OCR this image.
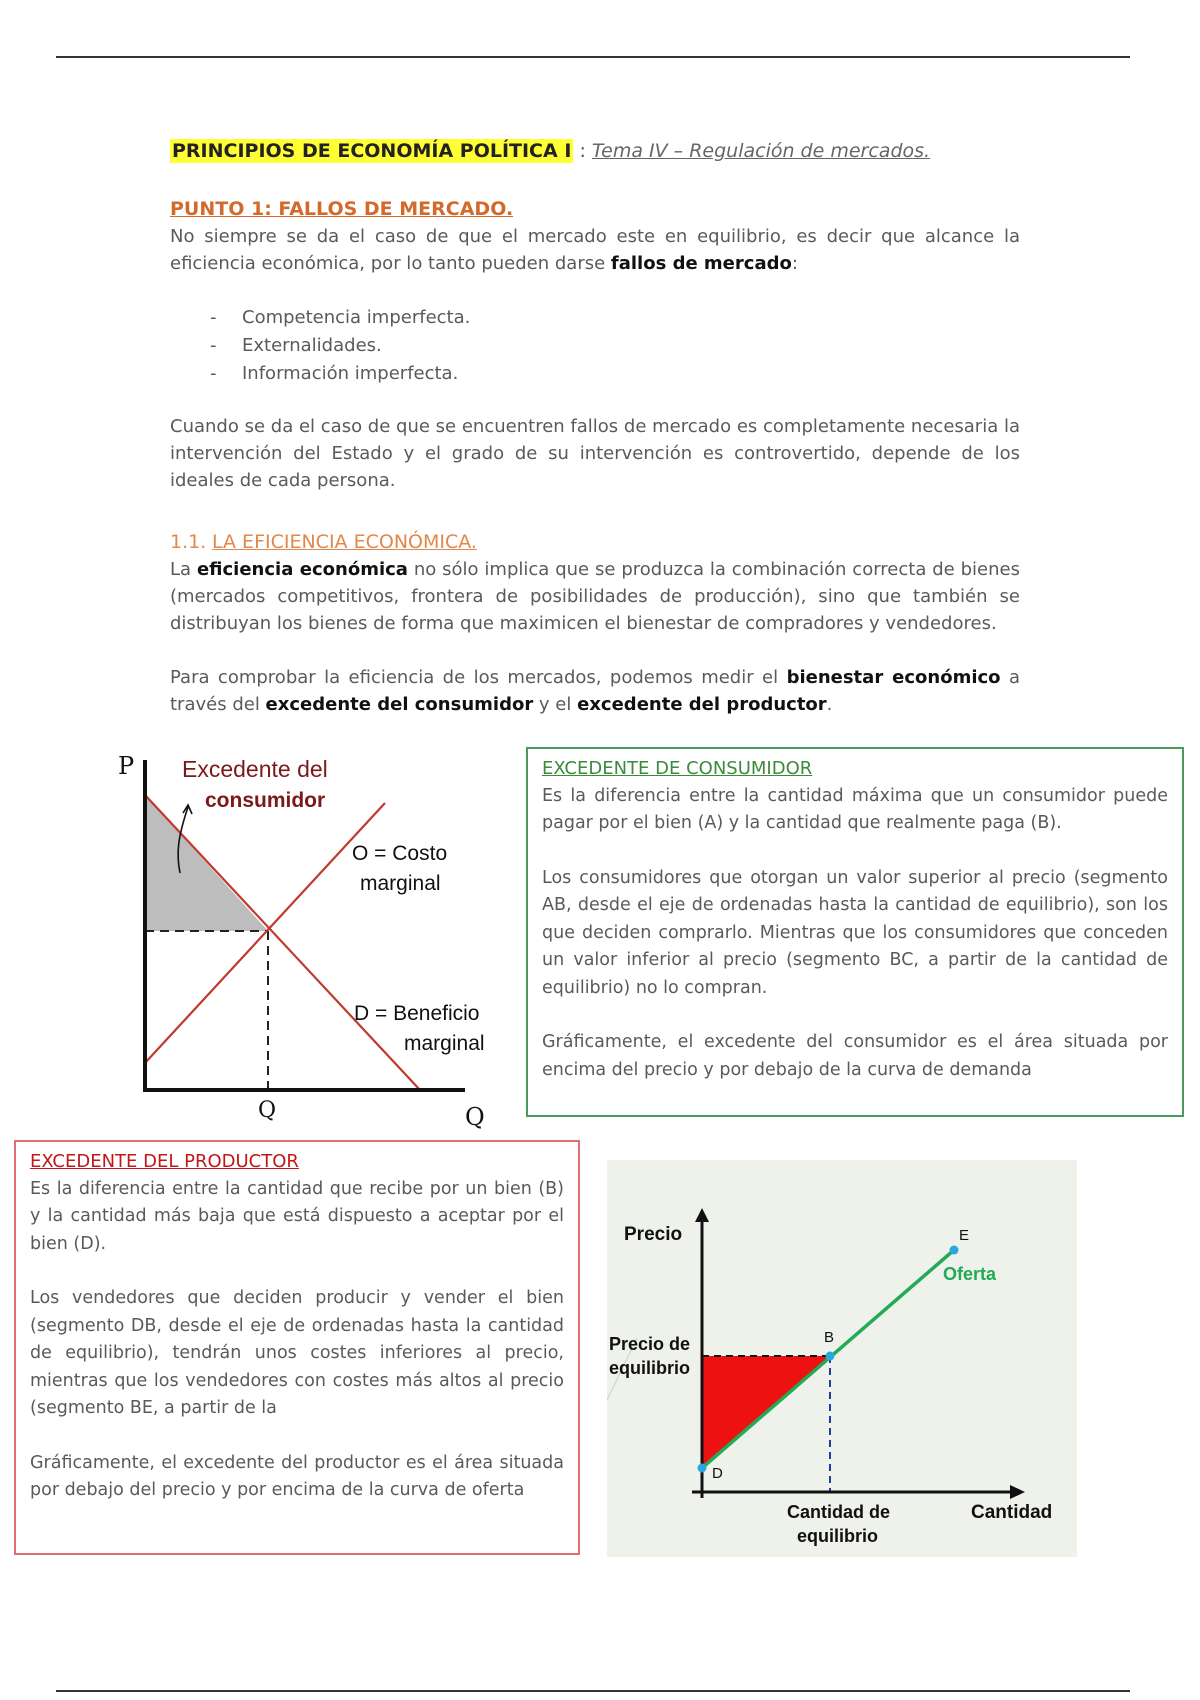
PRINCIPIOS DE ECONOMÍA POLÍTICA I : Tema IV – Regulación de mercados.
PUNTO 1: FALLOS DE MERCADO.

No siempre se da el caso de que el mercado este en equilibrio, es decir que alcance la eficiencia económica, por lo tanto pueden darse fallos de mercado:

- Competencia imperfecta.
- Externalidades.
- Información imperfecta.

Cuando se da el caso de que se encuentren fallos de mercado es completamente necesaria la intervención del Estado y el grado de su intervención es controvertido, depende de los ideales de cada persona.

1.1. LA EFICIENCIA ECONÓMICA.

La eficiencia económica no sólo implica que se produzca la combinación correcta de bienes (mercados competitivos, frontera de posibilidades de producción), sino que también se distribuyan los bienes de forma que maximicen el bienestar de compradores y vendedores.

Para comprobar la eficiencia de los mercados, podemos medir el bienestar económico a través del excedente del consumidor y el excedente del productor.

P
Q
Q
Excedente del
consumidor
O = Costo
marginal
D = Beneficio
marginal
EXCEDENTE DE CONSUMIDOR

Es la diferencia entre la cantidad máxima que un consumidor puede pagar por el bien (A) y la cantidad que realmente paga (B).

Los consumidores que otorgan un valor superior al precio (segmento AB, desde el eje de ordenadas hasta la cantidad de equilibrio), son los que deciden comprarlo. Mientras que los consumidores que conceden un valor inferior al precio (segmento BC, a partir de la cantidad de equilibrio) no lo compran.

Gráficamente, el excedente del consumidor es el área situada por encima del precio y por debajo de la curva de demanda

EXCEDENTE DEL PRODUCTOR

Es la diferencia entre la cantidad que recibe por un bien (B) y la cantidad más baja que está dispuesto a aceptar por el bien (D).

Los vendedores que deciden producir y vender el bien (segmento DB, desde el eje de ordenadas hasta la cantidad de equilibrio), tendrán unos costes inferiores al precio, mientras que los vendedores con costes más altos al precio (segmento BE, a partir de la

Gráficamente, el excedente del productor es el área situada por debajo del precio y por encima de la curva de oferta

Precio
Cantidad
Precio de
equilibrio
Cantidad de
equilibrio
B
D
E
Oferta
